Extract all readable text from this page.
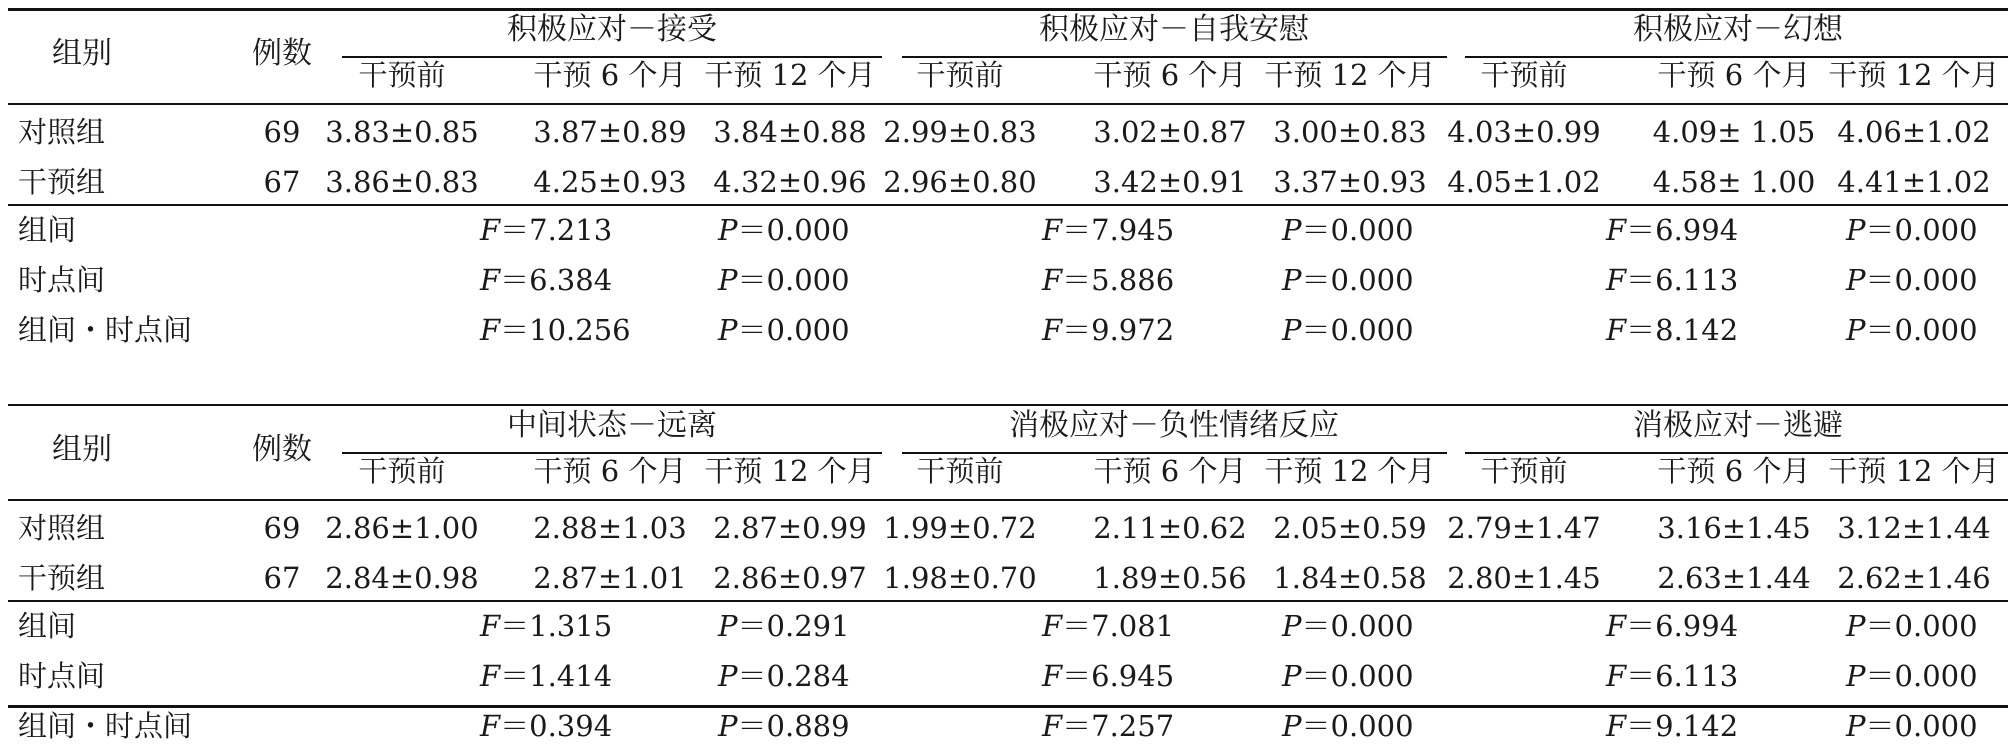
组别	例数
积极应对－接受
干预前	干预 6 个月 干预 12 个月
积极应对－自我安慰
干预前	干预 6 个月 干预 12 个月
积极应对－幻想
干预前	干预 6 个月 干预 12 个月
对照组	69 3.83±0.85 3.87±0.89 3.84±0.88 2.99±0.83 3.02±0.87 3.00±0.83 4.03±0.99 4.09± 1.05 4.06±1.02
干预组	67 3.86±0.83 4.25±0.93 4.32±0.96 2.96±0.80 3.42±0.91 3.37±0.93 4.05±1.02 4.58± 1.00 4.41±1.02
组间	F＝7.213	P＝0.000	F＝7.945	P＝0.000	F＝6.994	P＝0.000
时点间	F＝6.384	P＝0.000	F＝5.886	P＝0.000	F＝6.113	P＝0.000
组间・时点间	F＝10.256	P＝0.000	F＝9.972	P＝0.000	F＝8.142	P＝0.000
组别	例数
中间状态－远离
干预前	干预 6 个月 干预 12 个月
消极应对－负性情绪反应
干预前	干预 6 个月 干预 12 个月
消极应对－逃避
干预前	干预 6 个月 干预 12 个月
对照组	69 2.86±1.00 2.88±1.03 2.87±0.99 1.99±0.72 2.11±0.62 2.05±0.59 2.79±1.47 3.16±1.45 3.12±1.44
干预组	67 2.84±0.98 2.87±1.01 2.86±0.97 1.98±0.70 1.89±0.56 1.84±0.58 2.80±1.45 2.63±1.44 2.62±1.46
组间	F＝1.315	P＝0.291	F＝7.081	P＝0.000	F＝6.994	P＝0.000
时点间	F＝1.414	P＝0.284	F＝6.945	P＝0.000	F＝6.113	P＝0.000
组间・时点间	F＝0.394	P＝0.889	F＝7.257	P＝0.000	F＝9.142	P＝0.000
